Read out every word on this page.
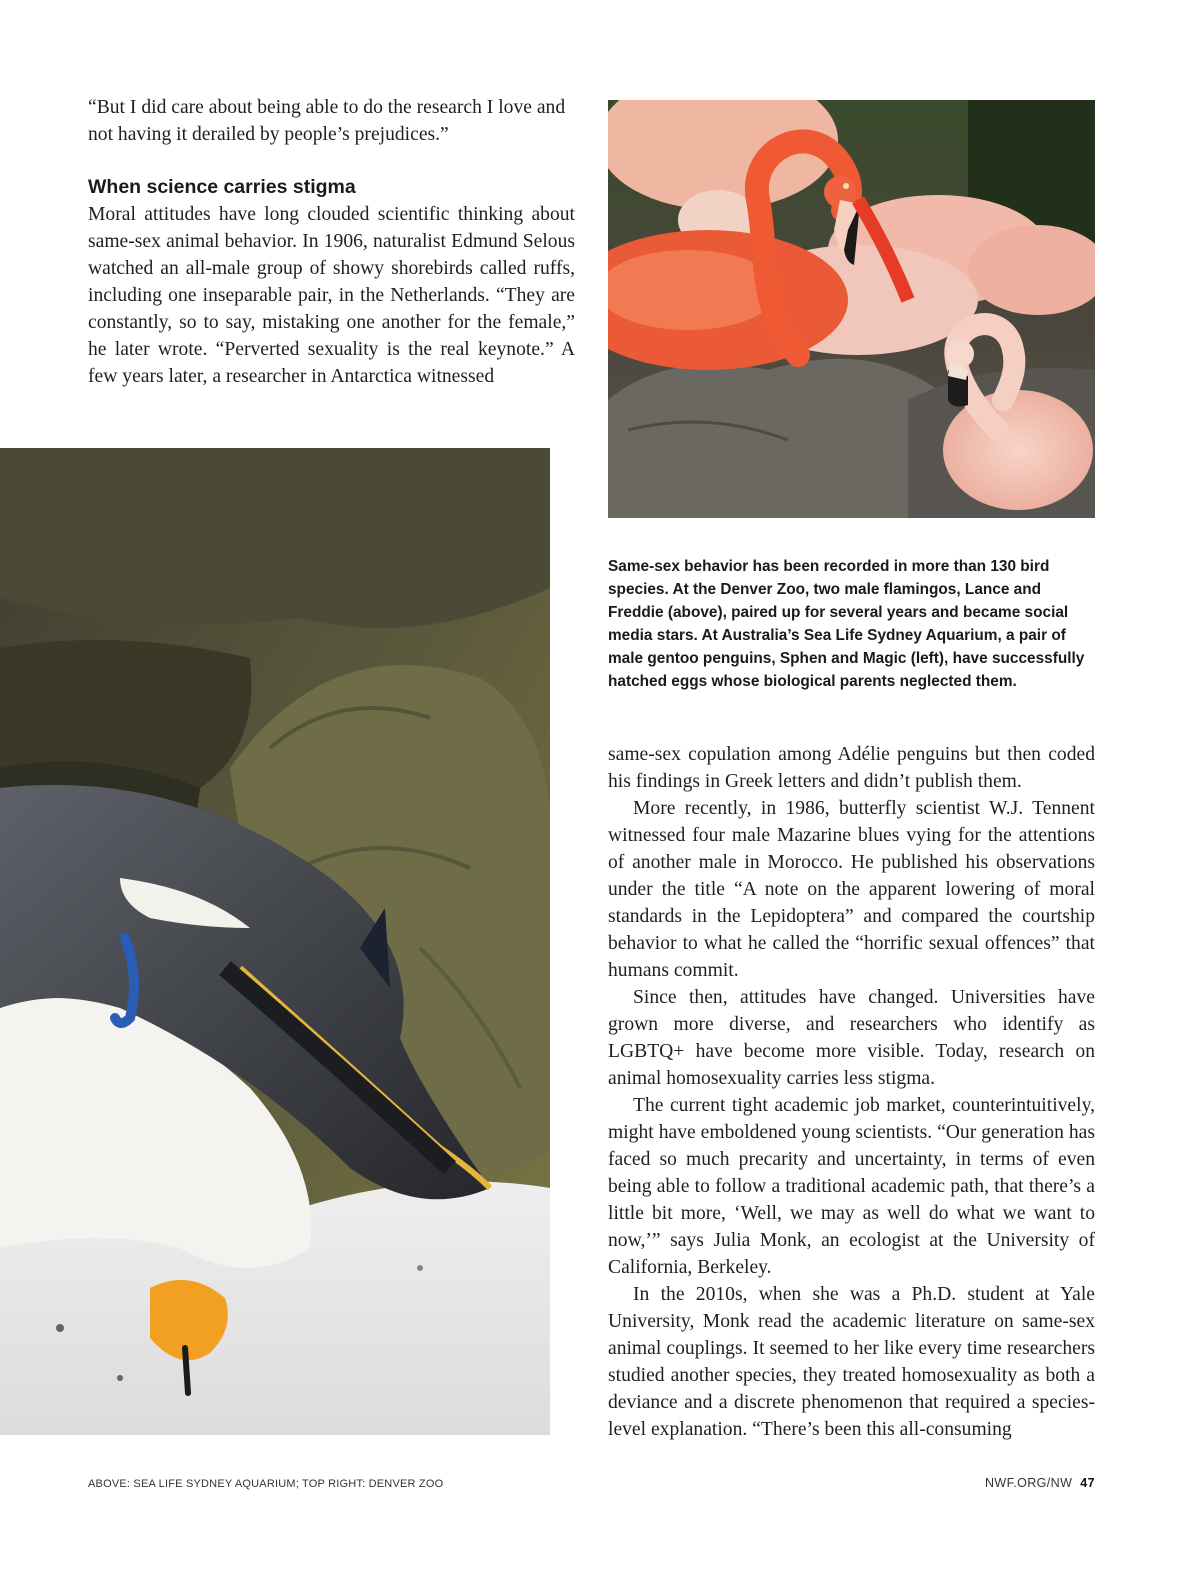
“But I did care about being able to do the research I love and not having it derailed by people’s prejudices.”

When science carries stigma

Moral attitudes have long clouded scientific thinking about same-sex animal behavior. In 1906, naturalist Edmund Selous watched an all-male group of showy shorebirds called ruffs, including one inseparable pair, in the Netherlands. “They are constantly, so to say, mistaking one another for the female,” he later wrote. “Perverted sexuality is the real keynote.” A few years later, a researcher in Antarctica witnessed

Same-sex behavior has been recorded in more than 130 bird species. At the Denver Zoo, two male flamingos, Lance and Freddie (above), paired up for several years and became social media stars. At Australia’s Sea Life Sydney Aquarium, a pair of male gentoo penguins, Sphen and Magic (left), have successfully hatched eggs whose biological parents neglected them.

same-sex copulation among Adélie penguins but then coded his findings in Greek letters and didn’t publish them.

More recently, in 1986, butterfly scientist W.J. Tennent witnessed four male Mazarine blues vying for the attentions of another male in Morocco. He published his observations under the title “A note on the apparent lowering of moral standards in the Lepidoptera” and compared the courtship behavior to what he called the “horrific sexual offences” that humans commit.

Since then, attitudes have changed. Universities have grown more diverse, and researchers who identify as LGBTQ+ have become more visible. Today, research on animal homosexuality carries less stigma.

The current tight academic job market, counterintuitively, might have emboldened young scientists. “Our generation has faced so much precarity and uncertainty, in terms of even being able to follow a traditional academic path, that there’s a little bit more, ‘Well, we may as well do what we want to now,’” says Julia Monk, an ecologist at the University of California, Berkeley.

In the 2010s, when she was a Ph.D. student at Yale University, Monk read the academic literature on same-sex animal couplings. It seemed to her like every time researchers studied another species, they treated homosexuality as both a deviance and a discrete phenomenon that required a species-level explanation. “There’s been this all-consuming

ABOVE: SEA LIFE SYDNEY AQUARIUM; TOP RIGHT: DENVER ZOO	NWF.ORG/NW 47
